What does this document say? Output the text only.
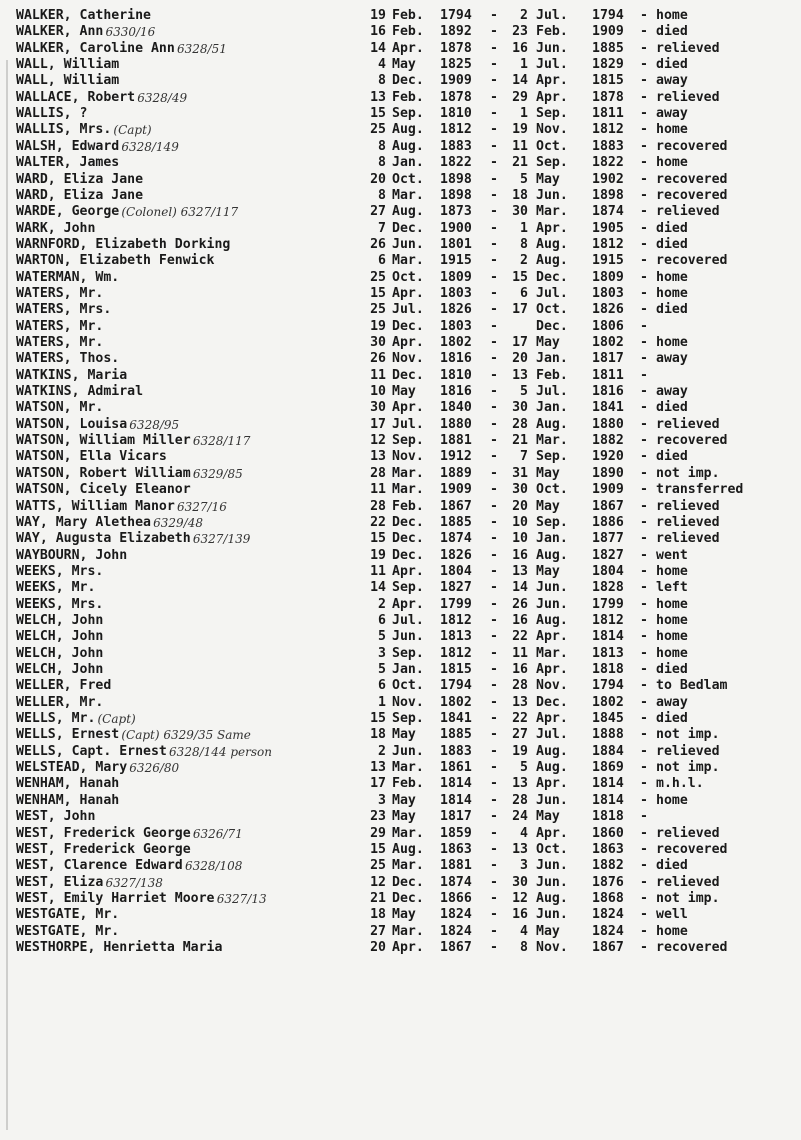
WALKER, Catherine	19 Feb. 1794 -	2 Jul. 1794 - home
WALKER, Ann 6330/16	16 Feb. 1892 -	23 Feb. 1909 - died
WALKER, Caroline Ann 6328/51	14 Apr. 1878 -	16 Jun. 1885 - relieved
WALL, William	4 May 1825 -	1 Jul. 1829 - died
WALL, William	8 Dec. 1909 -	14 Apr. 1815 - away
WALLACE, Robert 6328/49	13 Feb. 1878 -	29 Apr. 1878 - relieved
WALLIS, ?	15 Sep. 1810 -	1 Sep. 1811 - away
WALLIS, Mrs. (Capt)	25 Aug. 1812 -	19 Nov. 1812 - home
WALSH, Edward 6328/149	8 Aug. 1883 -	11 Oct. 1883 - recovered
WALTER, James	8 Jan. 1822 -	21 Sep. 1822 - home
WARD, Eliza Jane	20 Oct. 1898 -	5 May 1902 - recovered
WARD, Eliza Jane	8 Mar. 1898 -	18 Jun. 1898 - recovered
WARDE, George (Colonel) 6327/117	27 Aug. 1873 -	30 Mar. 1874 - relieved
WARK, John	7 Dec. 1900 -	1 Apr. 1905 - died
WARNFORD, Elizabeth Dorking	26 Jun. 1801 -	8 Aug. 1812 - died
WARTON, Elizabeth Fenwick	6 Mar. 1915 -	2 Aug. 1915 - recovered
WATERMAN, Wm.	25 Oct. 1809 -	15 Dec. 1809 - home
WATERS, Mr.	15 Apr. 1803 -	6 Jul. 1803 - home
WATERS, Mrs.	25 Jul. 1826 -	17 Oct. 1826 - died
WATERS, Mr.	19 Dec. 1803 -	Dec. 1806 -
WATERS, Mr.	30 Apr. 1802 -	17 May 1802 - home
WATERS, Thos.	26 Nov. 1816 -	20 Jan. 1817 - away
WATKINS, Maria	11 Dec. 1810 -	13 Feb. 1811 -
WATKINS, Admiral	10 May 1816 -	5 Jul. 1816 - away
WATSON, Mr.	30 Apr. 1840 -	30 Jan. 1841 - died
WATSON, Louisa 6328/95	17 Jul. 1880 -	28 Aug. 1880 - relieved
WATSON, William Miller 6328/117	12 Sep. 1881 -	21 Mar. 1882 - recovered
WATSON, Ella Vicars	13 Nov. 1912 -	7 Sep. 1920 - died
WATSON, Robert William 6329/85	28 Mar. 1889 -	31 May 1890 - not imp.
WATSON, Cicely Eleanor	11 Mar. 1909 -	30 Oct. 1909 - transferred
WATTS, William Manor 6327/16	28 Feb. 1867 -	20 May 1867 - relieved
WAY, Mary Alethea 6329/48	22 Dec. 1885 -	10 Sep. 1886 - relieved
WAY, Augusta Elizabeth 6327/139	15 Dec. 1874 -	10 Jan. 1877 - relieved
WAYBOURN, John	19 Dec. 1826 -	16 Aug. 1827 - went
WEEKS, Mrs.	11 Apr. 1804 -	13 May 1804 - home
WEEKS, Mr.	14 Sep. 1827 -	14 Jun. 1828 - left
WEEKS, Mrs.	2 Apr. 1799 -	26 Jun. 1799 - home
WELCH, John	6 Jul. 1812 -	16 Aug. 1812 - home
WELCH, John	5 Jun. 1813 -	22 Apr. 1814 - home
WELCH, John	3 Sep. 1812 -	11 Mar. 1813 - home
WELCH, John	5 Jan. 1815 -	16 Apr. 1818 - died
WELLER, Fred	6 Oct. 1794 -	28 Nov. 1794 - to Bedlam
WELLER, Mr.	1 Nov. 1802 -	13 Dec. 1802 - away
WELLS, Mr. (Capt)	15 Sep. 1841 -	22 Apr. 1845 - died
WELLS, Ernest (Capt) 6329/35 Same	18 May 1885 -	27 Jul. 1888 - not imp.
WELLS, Capt. Ernest 6328/144 person	2 Jun. 1883 -	19 Aug. 1884 - relieved
WELSTEAD, Mary 6326/80	13 Mar. 1861 -	5 Aug. 1869 - not imp.
WENHAM, Hanah	17 Feb. 1814 -	13 Apr. 1814 - m.h.l.
WENHAM, Hanah	3 May 1814 -	28 Jun. 1814 - home
WEST, John	23 May 1817 -	24 May 1818 -
WEST, Frederick George 6326/71	29 Mar. 1859 -	4 Apr. 1860 - relieved
WEST, Frederick George	15 Aug. 1863 -	13 Oct. 1863 - recovered
WEST, Clarence Edward 6328/108	25 Mar. 1881 -	3 Jun. 1882 - died
WEST, Eliza 6327/138	12 Dec. 1874 -	30 Jun. 1876 - relieved
WEST, Emily Harriet Moore 6327/13	21 Dec. 1866 -	12 Aug. 1868 - not imp.
WESTGATE, Mr.	18 May 1824 -	16 Jun. 1824 - well
WESTGATE, Mr.	27 Mar. 1824 -	4 May 1824 - home
WESTHORPE, Henrietta Maria	20 Apr. 1867 -	8 Nov. 1867 - recovered
